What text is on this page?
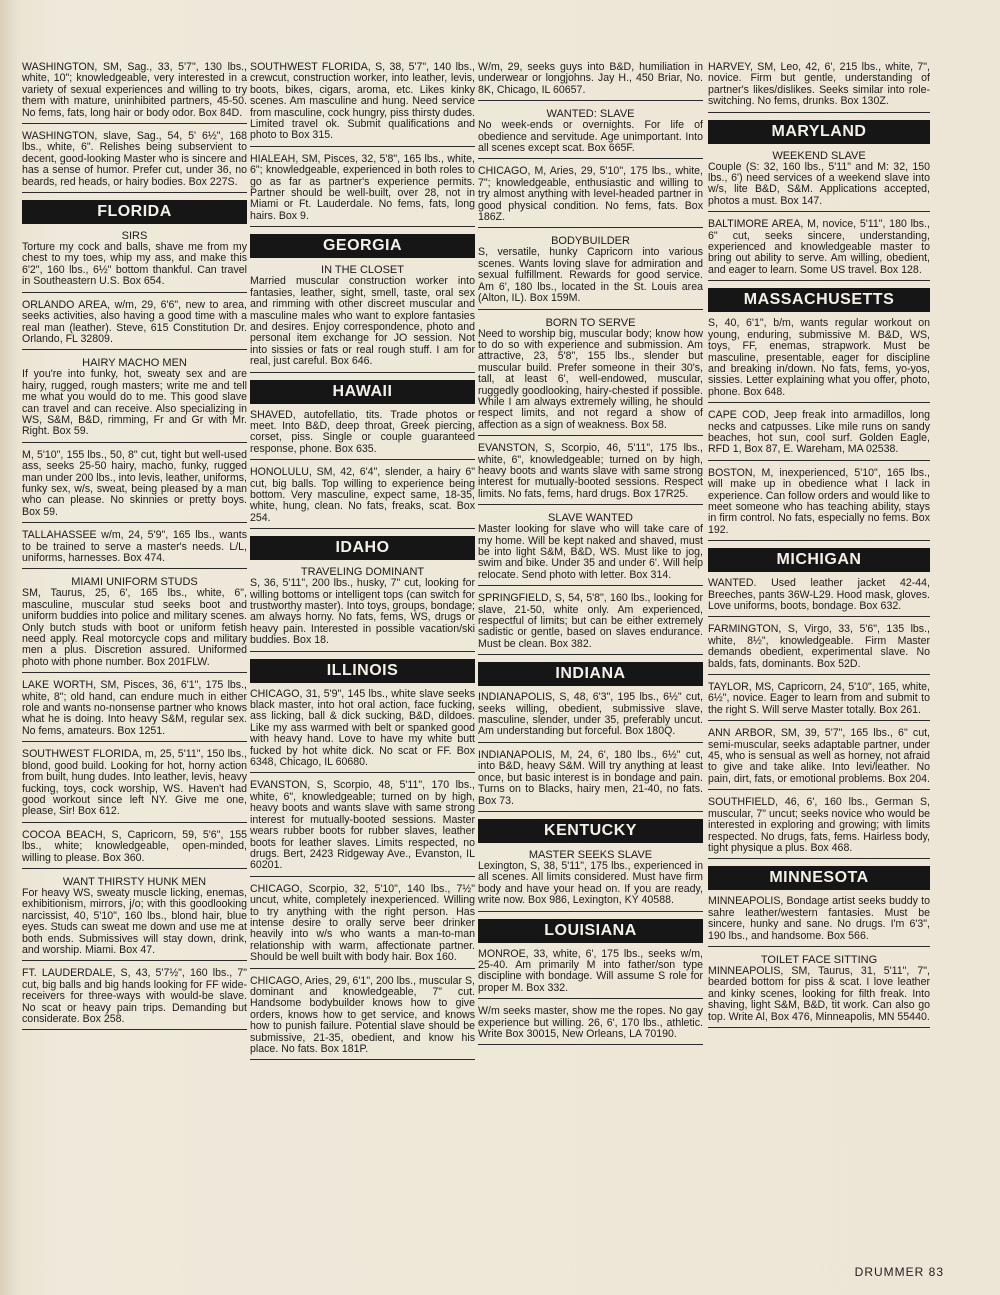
WASHINGTON, SM, Sag., 33, 5'7", 130 lbs., white, 10"; knowledgeable, very interested in a variety of sexual experiences and willing to try them with mature, uninhibited partners, 45-50. No fems, fats, long hair or body odor. Box 84D.
WASHINGTON, slave, Sag., 54, 5' 6½", 168 lbs., white, 6". Relishes being subservient to decent, good-looking Master who is sincere and has a sense of humor. Prefer cut, under 36, no beards, red heads, or hairy bodies. Box 227S.
FLORIDA
SIRS
Torture my cock and balls, shave me from my chest to my toes, whip my ass, and make this 6'2", 160 lbs., 6½" bottom thankful. Can travel in Southeastern U.S. Box 654.
ORLANDO AREA, w/m, 29, 6'6", new to area, seeks activities, also having a good time with a real man (leather). Steve, 615 Constitution Dr. Orlando, FL 32809.
HAIRY MACHO MEN
If you're into funky, hot, sweaty sex and are hairy, rugged, rough masters; write me and tell me what you would do to me. This good slave can travel and can receive. Also specializing in WS, S&M, B&D, rimming, Fr and Gr with Mr. Right. Box 59.
M, 5'10", 155 lbs., 50, 8" cut, tight but well-used ass, seeks 25-50 hairy, macho, funky, rugged man under 200 lbs., into levis, leather, uniforms, funky sex, w/s, sweat, being pleased by a man who can please. No skinnies or pretty boys. Box 59.
TALLAHASSEE w/m, 24, 5'9", 165 lbs., wants to be trained to serve a master's needs. L/L, uniforms, harnesses. Box 474.
MIAMI UNIFORM STUDS
SM, Taurus, 25, 6', 165 lbs., white, 6", masculine, muscular stud seeks boot and uniform buddies into police and military scenes. Only butch studs with boot or uniform fetish need apply. Real motorcycle cops and military men a plus. Discretion assured. Uniformed photo with phone number. Box 201FLW.
LAKE WORTH, SM, Pisces, 36, 6'1", 175 lbs., white, 8"; old hand, can endure much in either role and wants no-nonsense partner who knows what he is doing. Into heavy S&M, regular sex. No fems, amateurs. Box 1251.
SOUTHWEST FLORIDA, m, 25, 5'11", 150 lbs., blond, good build. Looking for hot, horny action from built, hung dudes. Into leather, levis, heavy fucking, toys, cock worship, WS. Haven't had good workout since left NY. Give me one, please, Sir! Box 612.
COCOA BEACH, S, Capricorn, 59, 5'6", 155 lbs., white; knowledgeable, open-minded, willing to please. Box 360.
WANT THIRSTY HUNK MEN
For heavy WS, sweaty muscle licking, enemas, exhibitionism, mirrors, j/o; with this goodlooking narcissist, 40, 5'10", 160 lbs., blond hair, blue eyes. Studs can sweat me down and use me at both ends. Submissives will stay down, drink, and worship. Miami. Box 47.
FT. LAUDERDALE, S, 43, 5'7½", 160 lbs., 7" cut, big balls and big hands looking for FF wide-receivers for three-ways with would-be slave. No scat or heavy pain trips. Demanding but considerate. Box 258.
SOUTHWEST FLORIDA, S, 38, 5'7", 140 lbs., crewcut, construction worker, into leather, levis, boots, bikes, cigars, aroma, etc. Likes kinky scenes. Am masculine and hung. Need service from masculine, cock hungry, piss thirsty dudes. Limited travel ok. Submit qualifications and photo to Box 315.
HIALEAH, SM, Pisces, 32, 5'8", 165 lbs., white, 6"; knowledgeable, experienced in both roles to go as far as partner's experience permits. Partner should be well-built, over 28, not in Miami or Ft. Lauderdale. No fems, fats, long hairs. Box 9.
GEORGIA
IN THE CLOSET
Married muscular construction worker into fantasies, leather, sight, smell, taste, oral sex and rimming with other discreet muscular and masculine males who want to explore fantasies and desires. Enjoy correspondence, photo and personal item exchange for JO session. Not into sissies or fats or real rough stuff. I am for real, just careful. Box 646.
HAWAII
SHAVED, autofellatio, tits. Trade photos or meet. Into B&D, deep throat, Greek piercing, corset, piss. Single or couple guaranteed response, phone. Box 635.
HONOLULU, SM, 42, 6'4", slender, a hairy 6" cut, big balls. Top willing to experience being bottom. Very masculine, expect same, 18-35, white, hung, clean. No fats, freaks, scat. Box 254.
IDAHO
TRAVELING DOMINANT
S, 36, 5'11", 200 lbs., husky, 7" cut, looking for willing bottoms or intelligent tops (can switch for trustworthy master). Into toys, groups, bondage; am always horny. No fats, fems, WS, drugs or heavy pain. Interested in possible vacation/ski buddies. Box 18.
ILLINOIS
CHICAGO, 31, 5'9", 145 lbs., white slave seeks black master, into hot oral action, face fucking, ass licking, ball & dick sucking, B&D, dildoes. Like my ass warmed with belt or spanked good with heavy hand. Love to have my white butt fucked by hot white dick. No scat or FF. Box 6348, Chicago, IL 60680.
EVANSTON, S, Scorpio, 48, 5'11", 170 lbs., white, 6", knowledgeable; turned on by high, heavy boots and wants slave with same strong interest for mutually-booted sessions. Master wears rubber boots for rubber slaves, leather boots for leather slaves. Limits respected, no drugs. Bert, 2423 Ridgeway Ave., Evanston, IL 60201.
CHICAGO, Scorpio, 32, 5'10", 140 lbs., 7½" uncut, white, completely inexperienced. Willing to try anything with the right person. Has intense desire to orally serve beer drinker heavily into w/s who wants a man-to-man relationship with warm, affectionate partner. Should be well built with body hair. Box 160.
CHICAGO, Aries, 29, 6'1", 200 lbs., muscular S, dominant and knowledgeable, 7" cut. Handsome bodybuilder knows how to give orders, knows how to get service, and knows how to punish failure. Potential slave should be submissive, 21-35, obedient, and know his place. No fats. Box 181P.
W/m, 29, seeks guys into B&D, humiliation in underwear or longjohns. Jay H., 450 Briar, No. 8K, Chicago, IL 60657.
WANTED: SLAVE
No week-ends or overnights. For life of obedience and servitude. Age unimportant. Into all scenes except scat. Box 665F.
CHICAGO, M, Aries, 29, 5'10", 175 lbs., white, 7"; knowledgeable, enthusiastic and willing to try almost anything with level-headed partner in good physical condition. No fems, fats. Box 186Z.
BODYBUILDER
S, versatile, hunky Capricorn into various scenes. Wants loving slave for admiration and sexual fulfillment. Rewards for good service. Am 6', 180 lbs., located in the St. Louis area (Alton, IL). Box 159M.
BORN TO SERVE
Need to worship big, muscular body; know how to do so with experience and submission. Am attractive, 23, 5'8", 155 lbs., slender but muscular build. Prefer someone in their 30's, tall, at least 6', well-endowed, muscular, ruggedly goodlooking, hairy-chested if possible. While I am always extremely willing, he should respect limits, and not regard a show of affection as a sign of weakness. Box 58.
EVANSTON, S, Scorpio, 46, 5'11", 175 lbs., white, 6", knowledgeable; turned on by high, heavy boots and wants slave with same strong interest for mutually-booted sessions. Respect limits. No fats, fems, hard drugs. Box 17R25.
SLAVE WANTED
Master looking for slave who will take care of my home. Will be kept naked and shaved, must be into light S&M, B&D, WS. Must like to jog, swim and bike. Under 35 and under 6'. Will help relocate. Send photo with letter. Box 314.
SPRINGFIELD, S, 54, 5'8", 160 lbs., looking for slave, 21-50, white only. Am experienced, respectful of limits; but can be either extremely sadistic or gentle, based on slaves endurance. Must be clean. Box 382.
INDIANA
INDIANAPOLIS, S, 48, 6'3", 195 lbs., 6½" cut, seeks willing, obedient, submissive slave, masculine, slender, under 35, preferably uncut. Am understanding but forceful. Box 180Q.
INDIANAPOLIS, M, 24, 6', 180 lbs., 6½" cut, into B&D, heavy S&M. Will try anything at least once, but basic interest is in bondage and pain. Turns on to Blacks, hairy men, 21-40, no fats. Box 73.
KENTUCKY
MASTER SEEKS SLAVE
Lexington, S, 38, 5'11", 175 lbs., experienced in all scenes. All limits considered. Must have firm body and have your head on. If you are ready, write now. Box 986, Lexington, KY 40588.
LOUISIANA
MONROE, 33, white, 6', 175 lbs., seeks w/m, 25-40. Am primarily M into father/son type discipline with bondage. Will assume S role for proper M. Box 332.
W/m seeks master, show me the ropes. No gay experience but willing. 26, 6', 170 lbs., athletic. Write Box 30015, New Orleans, LA 70190.
HARVEY, SM, Leo, 42, 6', 215 lbs., white, 7", novice. Firm but gentle, understanding of partner's likes/dislikes. Seeks similar into role-switching. No fems, drunks. Box 130Z.
MARYLAND
WEEKEND SLAVE
Couple (S: 32, 160 lbs., 5'11" and M: 32, 150 lbs., 6') need services of a weekend slave into w/s, lite B&D, S&M. Applications accepted, photos a must. Box 147.
BALTIMORE AREA, M, novice, 5'11", 180 lbs., 6" cut, seeks sincere, understanding, experienced and knowledgeable master to bring out ability to serve. Am willing, obedient, and eager to learn. Some US travel. Box 128.
MASSACHUSETTS
S, 40, 6'1", b/m, wants regular workout on young, enduring, submissive M. B&D, WS, toys, FF, enemas, strapwork. Must be masculine, presentable, eager for discipline and breaking in/down. No fats, fems, yo-yos, sissies. Letter explaining what you offer, photo, phone. Box 648.
CAPE COD, Jeep freak into armadillos, long necks and catpusses. Like mile runs on sandy beaches, hot sun, cool surf. Golden Eagle, RFD 1, Box 87, E. Wareham, MA 02538.
BOSTON, M, inexperienced, 5'10", 165 lbs., will make up in obedience what I lack in experience. Can follow orders and would like to meet someone who has teaching ability, stays in firm control. No fats, especially no fems. Box 192.
MICHIGAN
WANTED. Used leather jacket 42-44, Breeches, pants 36W-L29. Hood mask, gloves. Love uniforms, boots, bondage. Box 632.
FARMINGTON, S, Virgo, 33, 5'6", 135 lbs., white, 8½", knowledgeable. Firm Master demands obedient, experimental slave. No balds, fats, dominants. Box 52D.
TAYLOR, MS, Capricorn, 24, 5'10", 165, white, 6½", novice. Eager to learn from and submit to the right S. Will serve Master totally. Box 261.
ANN ARBOR, SM, 39, 5'7", 165 lbs., 6" cut, semi-muscular, seeks adaptable partner, under 45, who is sensual as well as horney, not afraid to give and take alike. Into levi/leather. No pain, dirt, fats, or emotional problems. Box 204.
SOUTHFIELD, 46, 6', 160 lbs., German S, muscular, 7" uncut; seeks novice who would be interested in exploring and growing; with limits respected. No drugs, fats, fems. Hairless body, tight physique a plus. Box 468.
MINNESOTA
MINNEAPOLIS, Bondage artist seeks buddy to sahre leather/western fantasies. Must be sincere, hunky and sane. No drugs. I'm 6'3", 190 lbs., and handsome. Box 566.
TOILET FACE SITTING
MINNEAPOLIS, SM, Taurus, 31, 5'11", 7", bearded bottom for piss & scat. I love leather and kinky scenes, looking for filth freak. Into shaving, light S&M, B&D, tit work. Can also go top. Write Al, Box 476, Minneapolis, MN 55440.
DRUMMER 83
